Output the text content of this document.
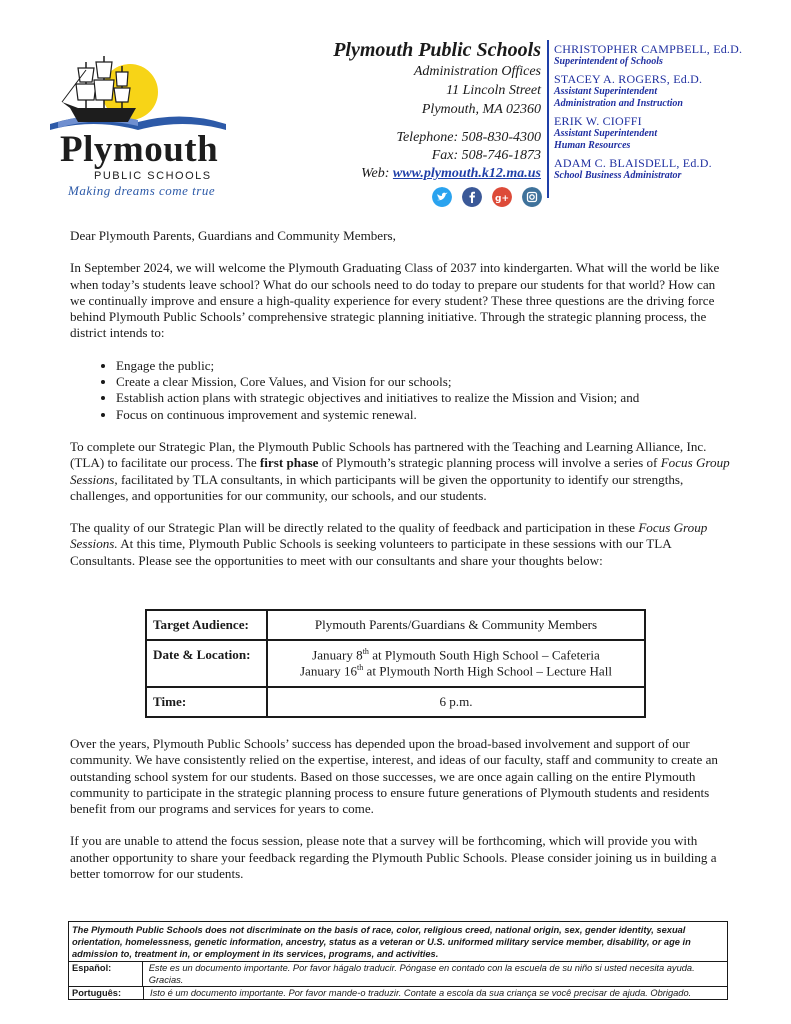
Plymouth
PUBLIC SCHOOLS
Making dreams come true
Plymouth Public Schools
Administration Offices
11 Lincoln Street
Plymouth, MA 02360
Telephone: 508-830-4300
Fax: 508-746-1873
Web: www.plymouth.k12.ma.us
CHRISTOPHER CAMPBELL, Ed.D.
Superintendent of Schools
STACEY A. ROGERS, Ed.D.
Assistant Superintendent
Administration and Instruction
ERIK W. CIOFFI
Assistant Superintendent
Human Resources
ADAM C. BLAISDELL, Ed.D.
School Business Administrator
g+

Dear Plymouth Parents, Guardians and Community Members,

In September 2024, we will welcome the Plymouth Graduating Class of 2037 into kindergarten. What will the world be like when today’s students leave school? What do our schools need to do today to prepare our students for that world? How can we continually improve and ensure a high-quality experience for every student? These three questions are the driving force behind Plymouth Public Schools’ comprehensive strategic planning initiative. Through the strategic planning process, the district intends to:

• Engage the public;
• Create a clear Mission, Core Values, and Vision for our schools;
• Establish action plans with strategic objectives and initiatives to realize the Mission and Vision; and
• Focus on continuous improvement and systemic renewal.

To complete our Strategic Plan, the Plymouth Public Schools has partnered with the Teaching and Learning Alliance, Inc. (TLA) to facilitate our process. The first phase of Plymouth’s strategic planning process will involve a series of Focus Group Sessions, facilitated by TLA consultants, in which participants will be given the opportunity to identify our strengths, challenges, and opportunities for our community, our schools, and our students.

The quality of our Strategic Plan will be directly related to the quality of feedback and participation in these Focus Group Sessions. At this time, Plymouth Public Schools is seeking volunteers to participate in these sessions with our TLA Consultants. Please see the opportunities to meet with our consultants and share your thoughts below:

Target Audience:	Plymouth Parents/Guardians & Community Members
Date & Location:	January 8th at Plymouth South High School – Cafeteria
January 16th at Plymouth North High School – Lecture Hall

Time:	6 p.m.

Over the years, Plymouth Public Schools’ success has depended upon the broad-based involvement and support of our community. We have consistently relied on the expertise, interest, and ideas of our faculty, staff and community to create an outstanding school system for our students. Based on those successes, we are once again calling on the entire Plymouth community to participate in the strategic planning process to ensure future generations of Plymouth students and residents benefit from our programs and services for years to come.

If you are unable to attend the focus session, please note that a survey will be forthcoming, which will provide you with another opportunity to share your feedback regarding the Plymouth Public Schools. Please consider joining us in building a better tomorrow for our students.

The Plymouth Public Schools does not discriminate on the basis of race, color, religious creed, national origin, sex, gender identity, sexual orientation, homelessness, genetic information, ancestry, status as a veteran or U.S. uniformed military service member, disability, or age in admission to, treatment in, or employment in its services, programs, and activities.
Español:	Este es un documento importante. Por favor hágalo traducir. Póngase en contado con la escuela de su niño si usted necesita ayuda. Gracias.
Português:	Isto é um documento importante. Por favor mande-o traduzir. Contate a escola da sua criança se você precisar de ajuda. Obrigado.
